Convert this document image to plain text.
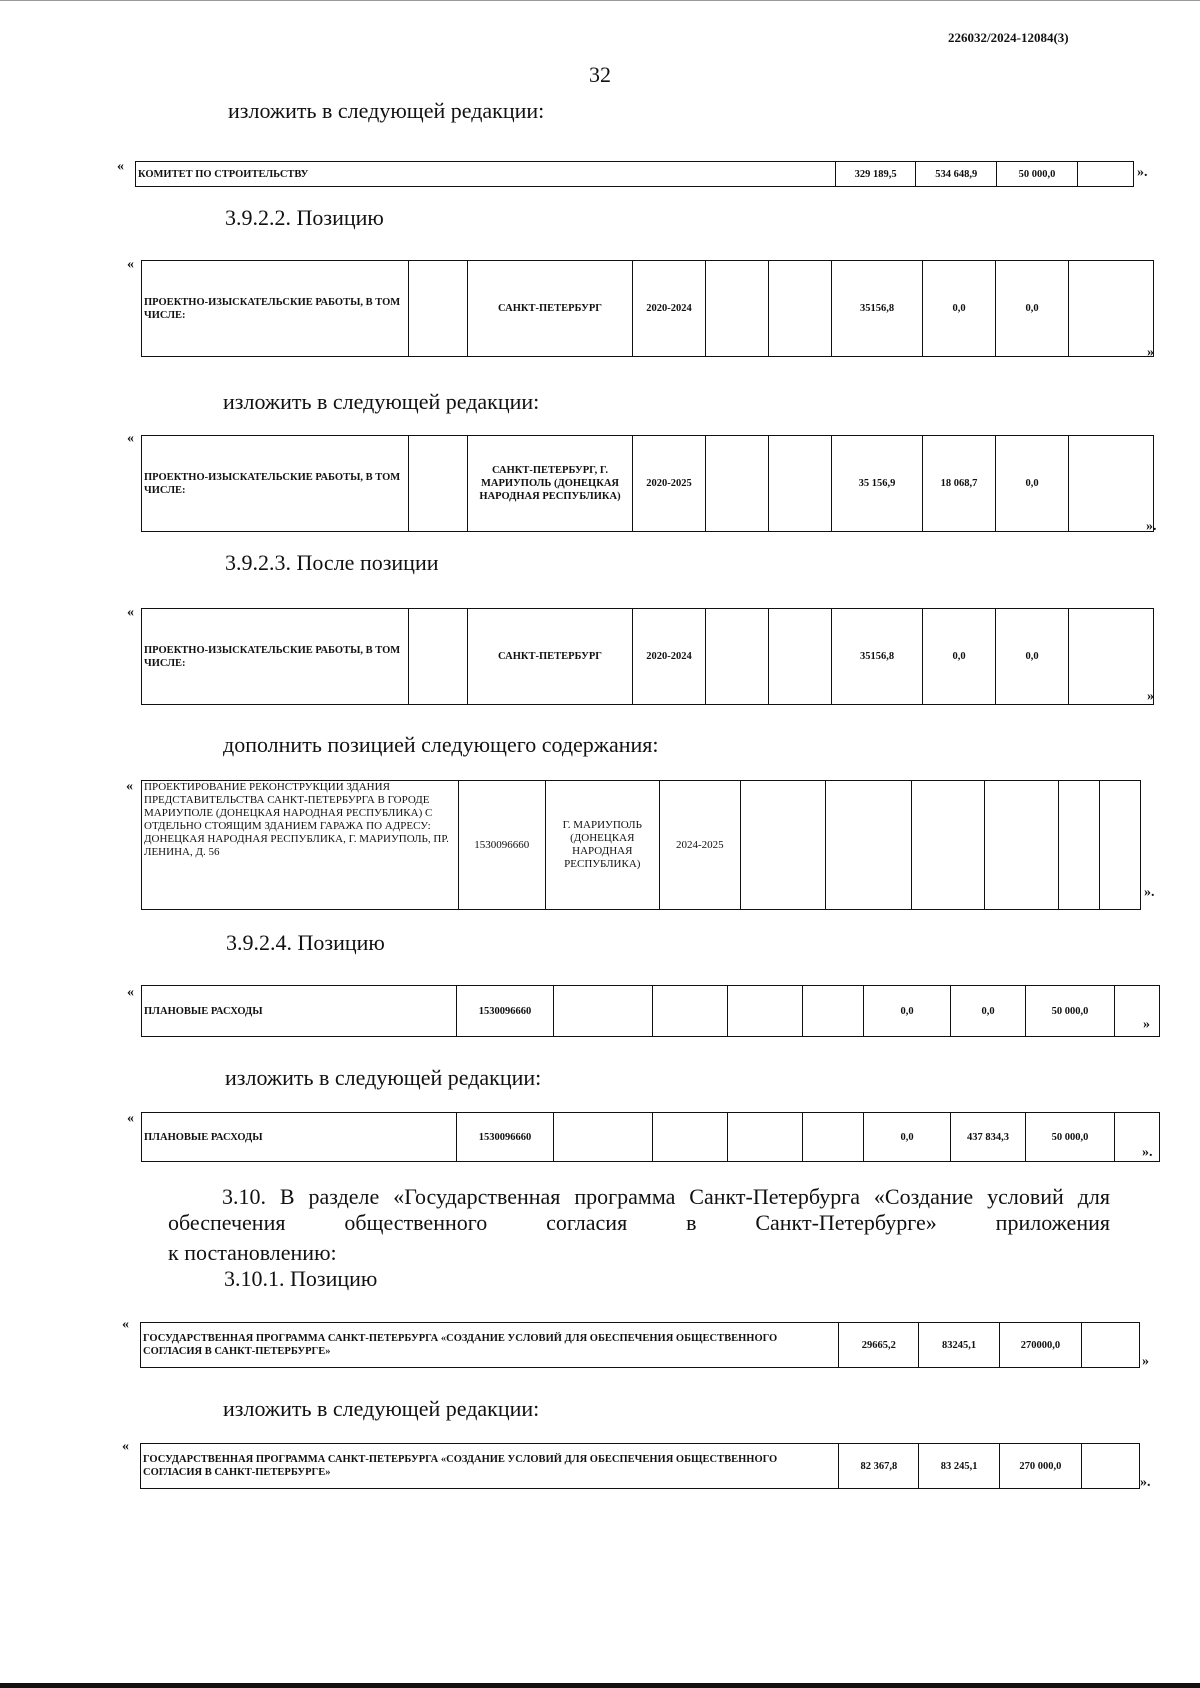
226032/2024-12084(3)
32
изложить в следующей редакции:
« КОМИТЕТ ПО СТРОИТЕЛЬСТВУ	329 189,5	534 648,9	50 000,0		».
3.9.2.2. Позицию
«
ПРОЕКТНО-ИЗЫСКАТЕЛЬСКИЕ РАБОТЫ, В ТОМ ЧИСЛЕ:		САНКТ-ПЕТЕРБУРГ	2020-2024			35156,8	0,0	0,0	
»
изложить в следующей редакции:
«
ПРОЕКТНО-ИЗЫСКАТЕЛЬСКИЕ РАБОТЫ, В ТОМ ЧИСЛЕ:		САНКТ-ПЕТЕРБУРГ, Г. МАРИУПОЛЬ (ДОНЕЦКАЯ НАРОДНАЯ РЕСПУБЛИКА)	2020-2025			35 156,9	18 068,7	0,0	
».
3.9.2.3. После позиции
«
ПРОЕКТНО-ИЗЫСКАТЕЛЬСКИЕ РАБОТЫ, В ТОМ ЧИСЛЕ:		САНКТ-ПЕТЕРБУРГ	2020-2024			35156,8	0,0	0,0	
»
дополнить позицией следующего содержания:
« ПРОЕКТИРОВАНИЕ РЕКОНСТРУКЦИИ ЗДАНИЯ ПРЕДСТАВИТЕЛЬСТВА САНКТ-ПЕТЕРБУРГА В ГОРОДЕ МАРИУПОЛЕ (ДОНЕЦКАЯ НАРОДНАЯ РЕСПУБЛИКА) С ОТДЕЛЬНО СТОЯЩИМ ЗДАНИЕМ ГАРАЖА ПО АДРЕСУ: ДОНЕЦКАЯ НАРОДНАЯ РЕСПУБЛИКА, Г. МАРИУПОЛЬ, ПР. ЛЕНИНА, Д. 56	1530096660	Г. МАРИУПОЛЬ (ДОНЕЦКАЯ НАРОДНАЯ РЕСПУБЛИКА)	2024-2025						
».
3.9.2.4. Позицию
«
ПЛАНОВЫЕ РАСХОДЫ	1530096660					0,0	0,0	50 000,0	
»
изложить в следующей редакции:
«
ПЛАНОВЫЕ РАСХОДЫ	1530096660					0,0	437 834,3	50 000,0	
».
3.10. В разделе «Государственная программа Санкт-Петербурга «Создание условий для обеспечения общественного согласия в Санкт-Петербурге» приложения
к постановлению:
3.10.1. Позицию
«
ГОСУДАРСТВЕННАЯ ПРОГРАММА САНКТ-ПЕТЕРБУРГА «СОЗДАНИЕ УСЛОВИЙ ДЛЯ ОБЕСПЕЧЕНИЯ ОБЩЕСТВЕННОГО СОГЛАСИЯ В САНКТ-ПЕТЕРБУРГЕ»	29665,2	83245,1	270000,0	
»
изложить в следующей редакции:
«
ГОСУДАРСТВЕННАЯ ПРОГРАММА САНКТ-ПЕТЕРБУРГА «СОЗДАНИЕ УСЛОВИЙ ДЛЯ ОБЕСПЕЧЕНИЯ ОБЩЕСТВЕННОГО СОГЛАСИЯ В САНКТ-ПЕТЕРБУРГЕ»	82 367,8	83 245,1	270 000,0	
».
